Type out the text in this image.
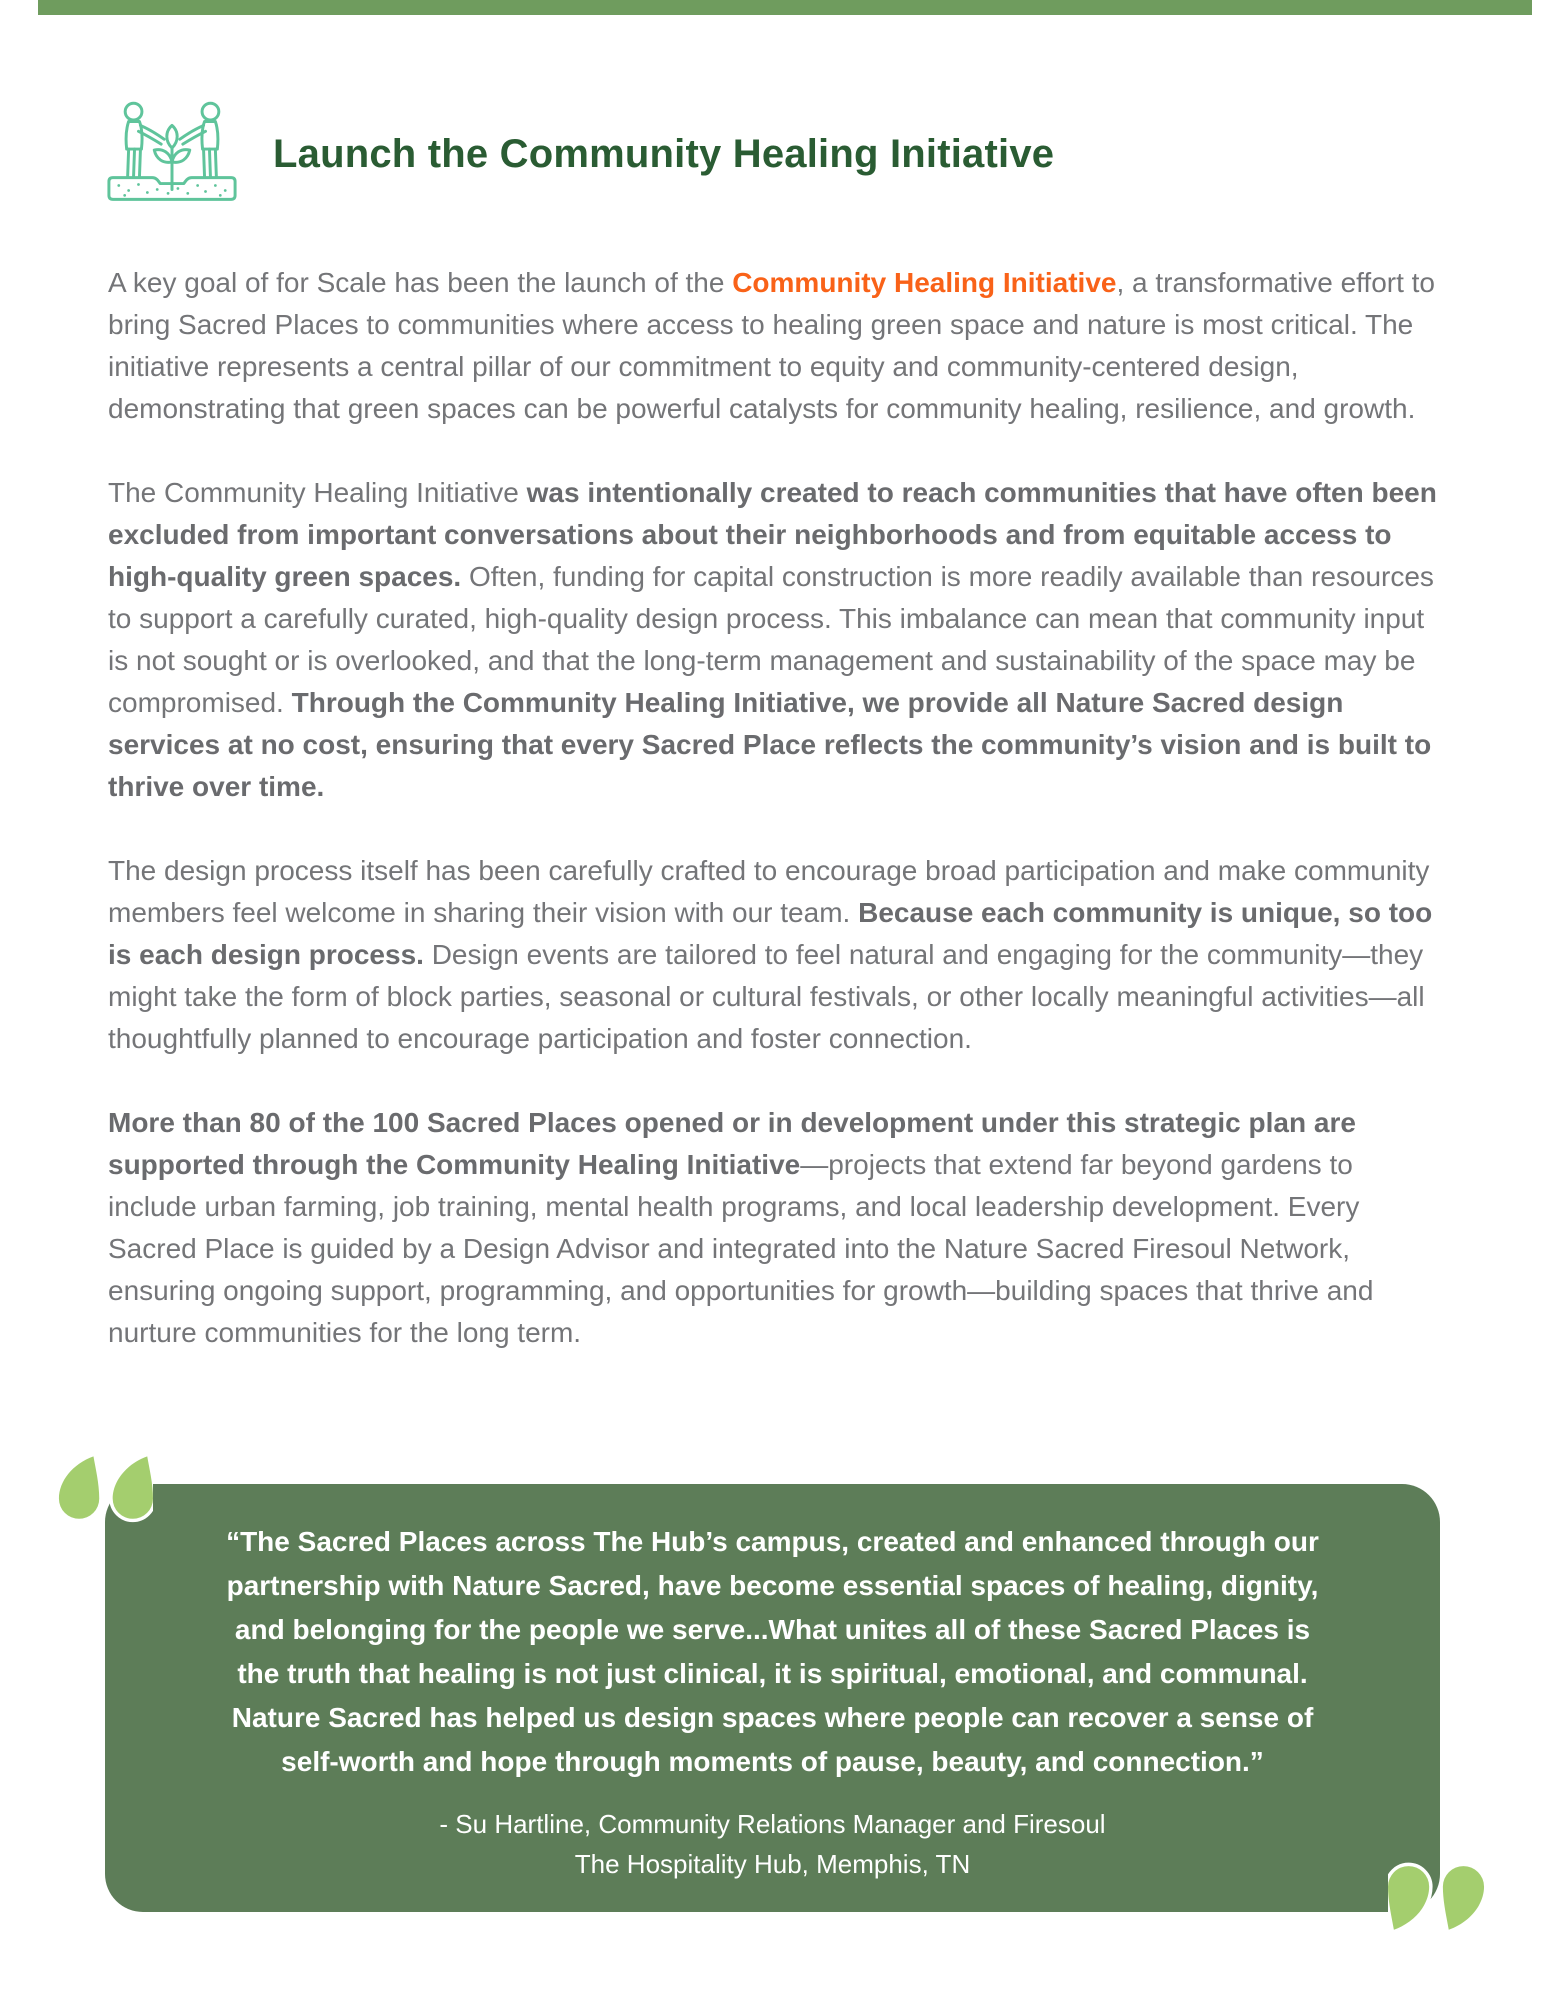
Launch the Community Healing Initiative

A key goal of for Scale has been the launch of the Community Healing Initiative, a transformative effort to bring Sacred Places to communities where access to healing green space and nature is most critical. The initiative represents a central pillar of our commitment to equity and community-centered design, demonstrating that green spaces can be powerful catalysts for community healing, resilience, and growth.

The Community Healing Initiative was intentionally created to reach communities that have often been excluded from important conversations about their neighborhoods and from equitable access to high-quality green spaces. Often, funding for capital construction is more readily available than resources to support a carefully curated, high-quality design process. This imbalance can mean that community input is not sought or is overlooked, and that the long-term management and sustainability of the space may be compromised. Through the Community Healing Initiative, we provide all Nature Sacred design services at no cost, ensuring that every Sacred Place reflects the community’s vision and is built to thrive over time.

The design process itself has been carefully crafted to encourage broad participation and make community members feel welcome in sharing their vision with our team. Because each community is unique, so too is each design process. Design events are tailored to feel natural and engaging for the community—they might take the form of block parties, seasonal or cultural festivals, or other locally meaningful activities—all thoughtfully planned to encourage participation and foster connection.

More than 80 of the 100 Sacred Places opened or in development under this strategic plan are supported through the Community Healing Initiative—projects that extend far beyond gardens to include urban farming, job training, mental health programs, and local leadership development. Every Sacred Place is guided by a Design Advisor and integrated into the Nature Sacred Firesoul Network, ensuring ongoing support, programming, and opportunities for growth—building spaces that thrive and nurture communities for the long term.

“The Sacred Places across The Hub’s campus, created and enhanced through our partnership with Nature Sacred, have become essential spaces of healing, dignity, and belonging for the people we serve...What unites all of these Sacred Places is the truth that healing is not just clinical, it is spiritual, emotional, and communal. Nature Sacred has helped us design spaces where people can recover a sense of self-worth and hope through moments of pause, beauty, and connection.”

- Su Hartline, Community Relations Manager and Firesoul
The Hospitality Hub, Memphis, TN
